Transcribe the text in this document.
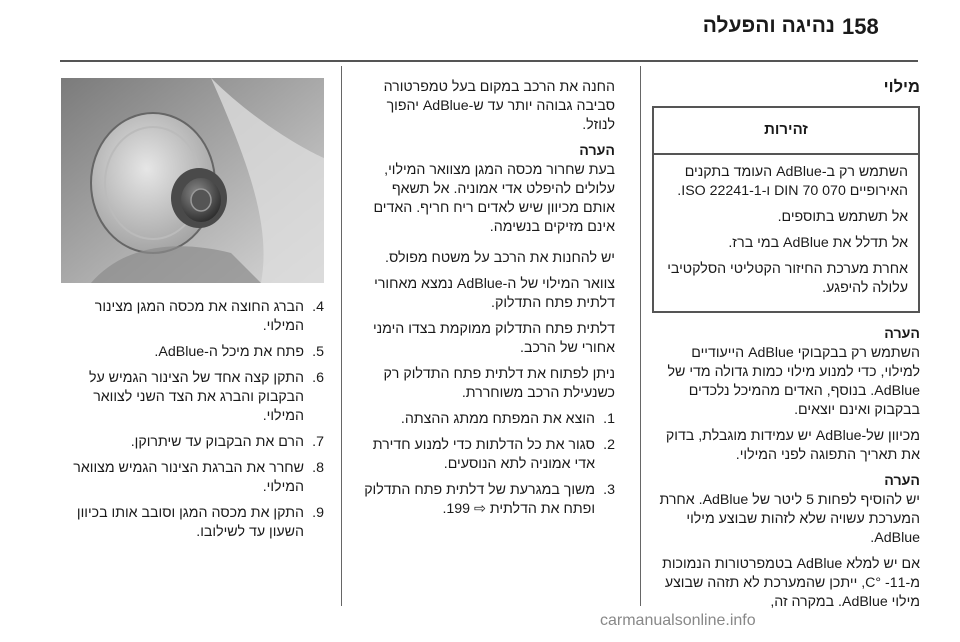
158
נהיגה והפעלה
מילוי
זהירות

השתמש רק ב-AdBlue העומד בתקנים האירופיים DIN 70 070 ו-ISO 22241-1.

אל תשתמש בתוספים.

אל תדלל את AdBlue במי ברז.

אחרת מערכת החיזור הקטליטי הסלקטיבי עלולה להיפגע.

הערה

השתמש רק בבקבוקי AdBlue הייעודיים למילוי, כדי למנוע מילוי כמות גדולה מדי של AdBlue. בנוסף, האדים מהמיכל נלכדים בבקבוק ואינם יוצאים.

מכיוון של-AdBlue יש עמידות מוגבלת, בדוק את תאריך התפוגה לפני המילוי.

הערה

יש להוסיף לפחות 5 ליטר של AdBlue. אחרת המערכת עשויה שלא לזהות שבוצע מילוי AdBlue.

אם יש למלא AdBlue בטמפרטורות הנמוכות מ-11- °C, ייתכן שהמערכת לא תזהה שבוצע מילוי AdBlue. במקרה זה,

החנה את הרכב במקום בעל טמפרטורה סביבה גבוהה יותר עד ש-AdBlue יהפוך לנוזל.

הערה

בעת שחרור מכסה המגן מצוואר המילוי, עלולים להיפלט אדי אמוניה. אל תשאף אותם מכיוון שיש לאדים ריח חריף. האדים אינם מזיקים בנשימה.

יש להחנות את הרכב על משטח מפולס.

צוואר המילוי של ה-AdBlue נמצא מאחורי דלתית פתח התדלוק.

דלתית פתח התדלוק ממוקמת בצדו הימני אחורי של הרכב.

ניתן לפתוח את דלתית פתח התדלוק רק כשנעילת הרכב משוחררת.

1.
הוצא את המפתח ממתג ההצתה.
2.
סגור את כל הדלתות כדי למנוע חדירת אדי אמוניה לתא הנוסעים.
3.
משוך במגרעת של דלתית פתח התדלוק ופתח את הדלתית ⇨ 199.
4.
הברג החוצה את מכסה המגן מצינור המילוי.
5.
פתח את מיכל ה-AdBlue.
6.
התקן קצה אחד של הצינור הגמיש על הבקבוק והברג את הצד השני לצוואר המילוי.
7.
הרם את הבקבוק עד שיתרוקן.
8.
שחרר את הברגת הצינור הגמיש מצוואר המילוי.
9.
התקן את מכסה המגן וסובב אותו בכיוון השעון עד לשילובו.
carmanualsonline.info
